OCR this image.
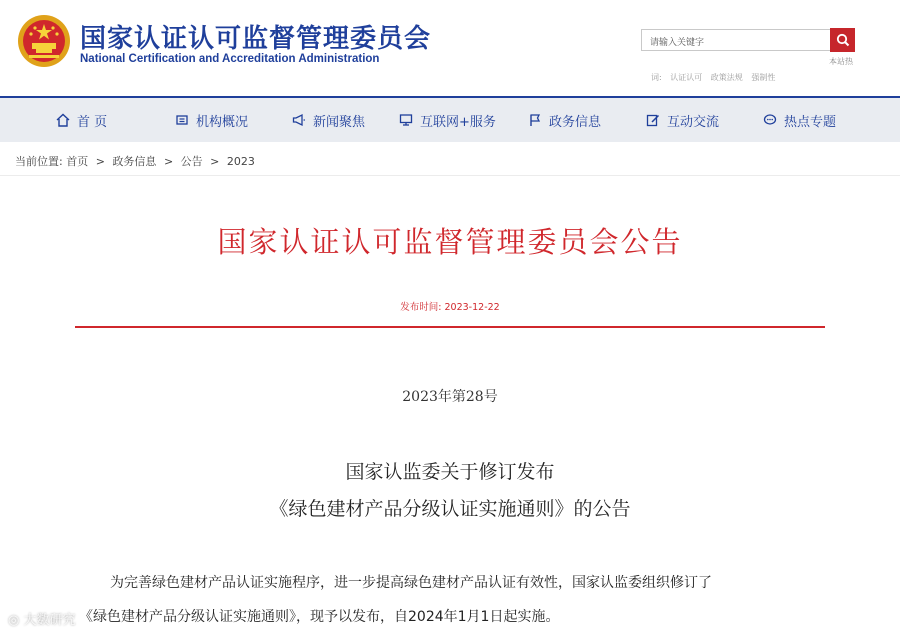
国家认证认可监督管理委员会
National Certification and Accreditation Administration
请输入关键字
本站热
词: 认证认可 政策法规 强制性
首 页	机构概况	新闻聚焦	互联网+服务	政务信息	互动交流	热点专题
当前位置: 首页 > 政务信息 > 公告 > 2023
国家认证认可监督管理委员会公告
发布时间: 2023-12-22
2023年第28号
国家认监委关于修订发布
《绿色建材产品分级认证实施通则》的公告
为完善绿色建材产品认证实施程序，进一步提高绿色建材产品认证有效性，国家认监委组织修订了
《绿色建材产品分级认证实施通则》，现予以发布，自2024年1月1日起实施。
◎ 大数研究
